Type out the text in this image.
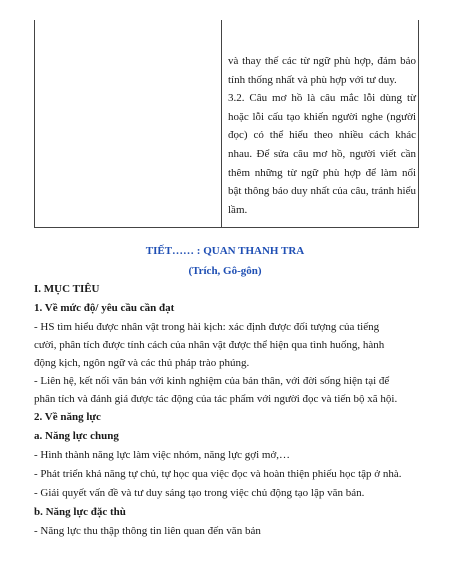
và thay thế các từ ngữ phù hợp, đảm bảo tính thống nhất và phù hợp với tư duy.

3.2. Câu mơ hồ là câu mắc lỗi dùng từ hoặc lỗi cấu tạo khiến người nghe (người đọc) có thể hiểu theo nhiều cách khác nhau. Để sửa câu mơ hồ, người viết cần thêm những từ ngữ phù hợp để làm nổi bật thông báo duy nhất của câu, tránh hiểu lầm.

TIẾT…… : QUAN THANH TRA
(Trích, Gô-gôn)
I. MỤC TIÊU
1. Về mức độ/ yêu cầu cần đạt
- HS tìm hiểu được nhân vật trong hài kịch: xác định được đối tượng của tiếng
cười, phân tích được tính cách của nhân vật được thể hiện qua tình huống, hành
động kịch, ngôn ngữ và các thủ pháp trào phúng.
- Liên hệ, kết nối văn bản với kinh nghiệm của bản thân, với đời sống hiện tại để
phân tích và đánh giá được tác động của tác phẩm với người đọc và tiến bộ xã hội.
2. Về năng lực
a. Năng lực chung
- Hình thành năng lực làm việc nhóm, năng lực gợi mở,…
- Phát triển khả năng tự chủ, tự học qua việc đọc và hoàn thiện phiếu học tập ở nhà.
- Giải quyết vấn đề và tư duy sáng tạo trong việc chủ động tạo lập văn bản.
b. Năng lực đặc thù
- Năng lực thu thập thông tin liên quan đến văn bản
